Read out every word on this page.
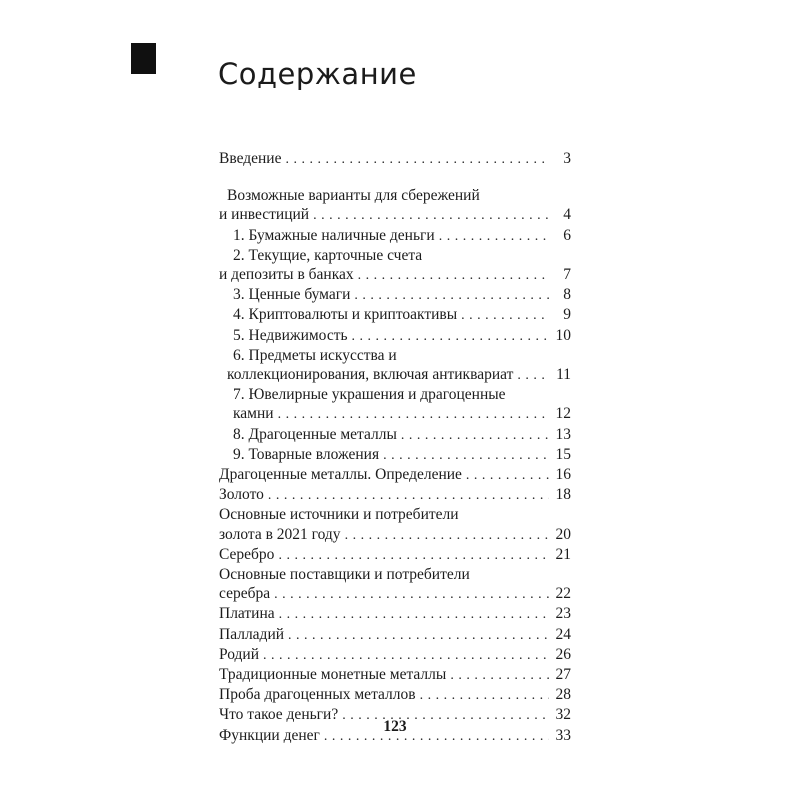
Содержание
Введение .....	3
Возможные варианты для сбережений
и инвестиций .....	4
1. Бумажные наличные деньги .....	6
2. Текущие, карточные счета
и депозиты в банках .....	7
3. Ценные бумаги .....	8
4. Криптовалюты и криптоактивы .....	9
5. Недвижимость .....	10
6. Предметы искусства и
коллекционирования, включая антиквариат .....	11
7. Ювелирные украшения и драгоценные
камни .....	12
8. Драгоценные металлы .....	13
9. Товарные вложения .....	15
Драгоценные металлы. Определение .....	16
Золото .....	18
Основные источники и потребители
золота в 2021 году .....	20
Серебро .....	21
Основные поставщики и потребители
серебра .....	22
Платина .....	23
Палладий .....	24
Родий .....	26
Традиционные монетные металлы .....	27
Проба драгоценных металлов .....	28
Что такое деньги? .....	32
Функции денег .....	33
123
